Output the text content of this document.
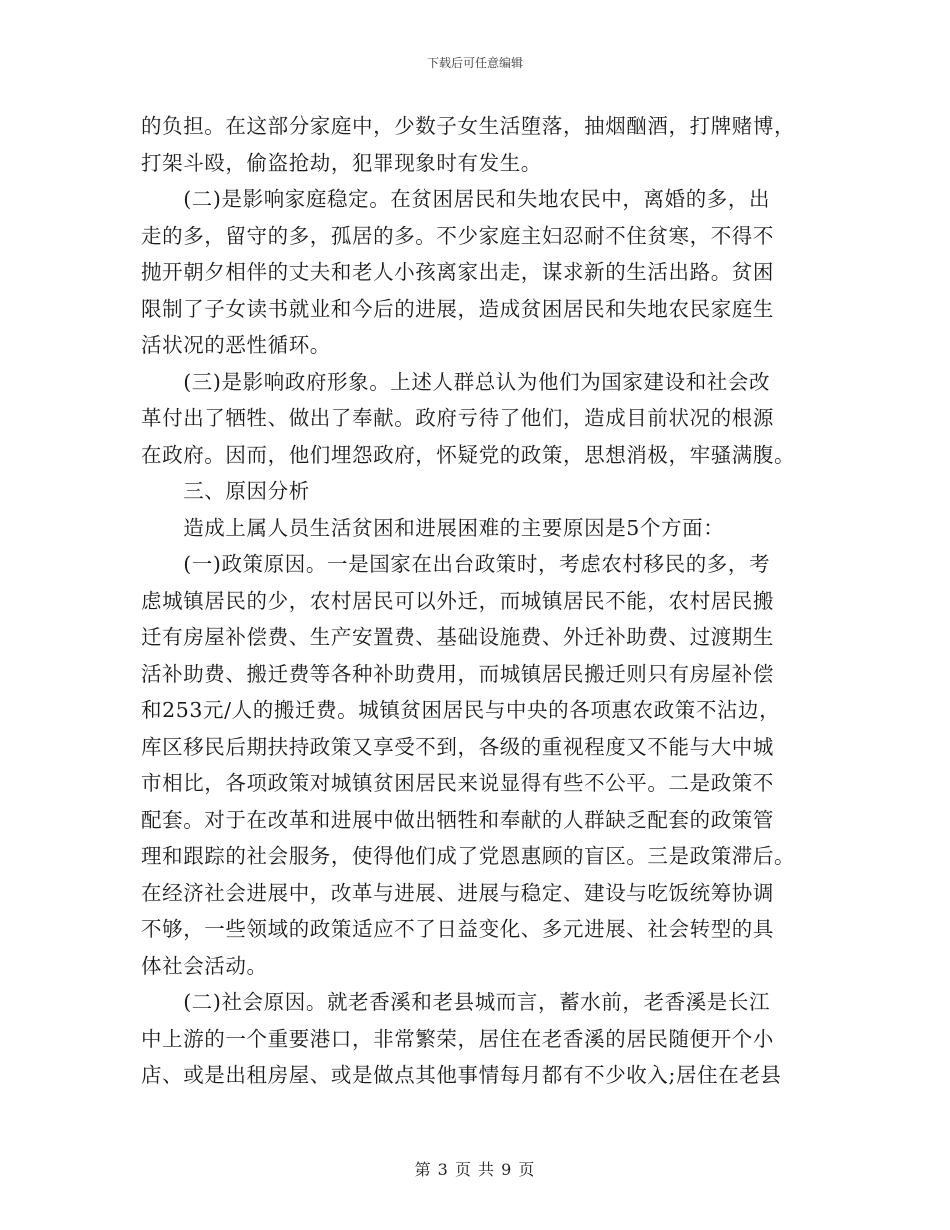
下载后可任意编辑

的负担。在这部分家庭中，少数子女生活堕落，抽烟酗酒，打牌赌博，

打架斗殴，偷盗抢劫，犯罪现象时有发生。

　　(二)是影响家庭稳定。在贫困居民和失地农民中，离婚的多，出

走的多，留守的多，孤居的多。不少家庭主妇忍耐不住贫寒，不得不

抛开朝夕相伴的丈夫和老人小孩离家出走，谋求新的生活出路。贫困

限制了子女读书就业和今后的进展，造成贫困居民和失地农民家庭生

活状况的恶性循环。

　　(三)是影响政府形象。上述人群总认为他们为国家建设和社会改

革付出了牺牲、做出了奉献。政府亏待了他们，造成目前状况的根源

在政府。因而，他们埋怨政府，怀疑党的政策，思想消极，牢骚满腹。

　　三、原因分析

　　造成上属人员生活贫困和进展困难的主要原因是5个方面：

　　(一)政策原因。一是国家在出台政策时，考虑农村移民的多，考

虑城镇居民的少，农村居民可以外迁，而城镇居民不能，农村居民搬

迁有房屋补偿费、生产安置费、基础设施费、外迁补助费、过渡期生

活补助费、搬迁费等各种补助费用，而城镇居民搬迁则只有房屋补偿

和253元/人的搬迁费。城镇贫困居民与中央的各项惠农政策不沾边，

库区移民后期扶持政策又享受不到，各级的重视程度又不能与大中城

市相比，各项政策对城镇贫困居民来说显得有些不公平。二是政策不

配套。对于在改革和进展中做出牺牲和奉献的人群缺乏配套的政策管

理和跟踪的社会服务，使得他们成了党恩惠顾的盲区。三是政策滞后。

在经济社会进展中，改革与进展、进展与稳定、建设与吃饭统筹协调

不够，一些领域的政策适应不了日益变化、多元进展、社会转型的具

体社会活动。

　　(二)社会原因。就老香溪和老县城而言，蓄水前，老香溪是长江

中上游的一个重要港口，非常繁荣，居住在老香溪的居民随便开个小

店、或是出租房屋、或是做点其他事情每月都有不少收入;居住在老县

第 3 页 共 9 页
